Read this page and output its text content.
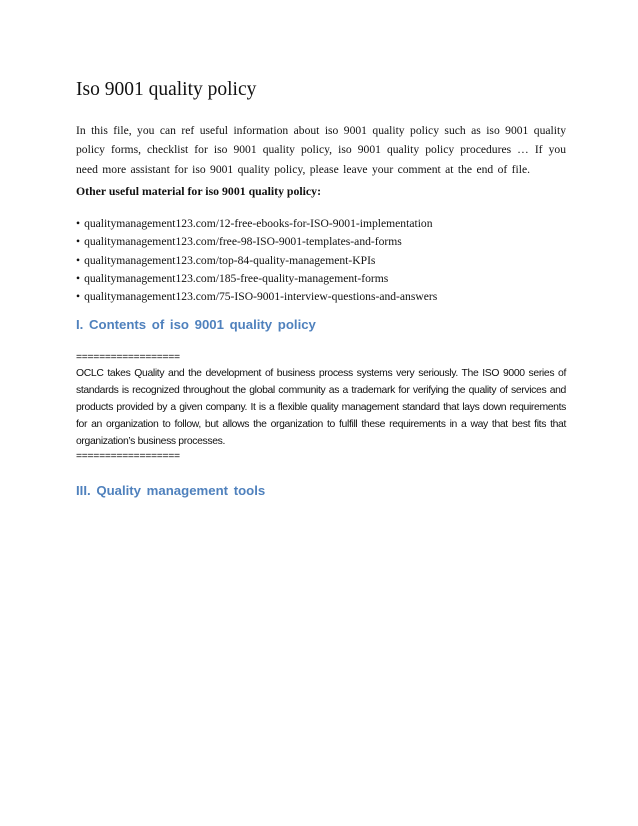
Iso 9001 quality policy
In this file, you can ref useful information about iso 9001 quality policy such as iso 9001 quality policy forms, checklist for iso 9001 quality policy, iso 9001 quality policy procedures … If you need more assistant for iso 9001 quality policy, please leave your comment at the end of file.
Other useful material for iso 9001 quality policy:
• qualitymanagement123.com/12-free-ebooks-for-ISO-9001-implementation
• qualitymanagement123.com/free-98-ISO-9001-templates-and-forms
• qualitymanagement123.com/top-84-quality-management-KPIs
• qualitymanagement123.com/185-free-quality-management-forms
• qualitymanagement123.com/75-ISO-9001-interview-questions-and-answers
I. Contents of iso 9001 quality policy
==================
OCLC takes Quality and the development of business process systems very seriously. The ISO 9000 series of standards is recognized throughout the global community as a trademark for verifying the quality of services and products provided by a given company. It is a flexible quality management standard that lays down requirements for an organization to follow, but allows the organization to fulfill these requirements in a way that best fits that organization’s business processes.
==================
III. Quality management tools
